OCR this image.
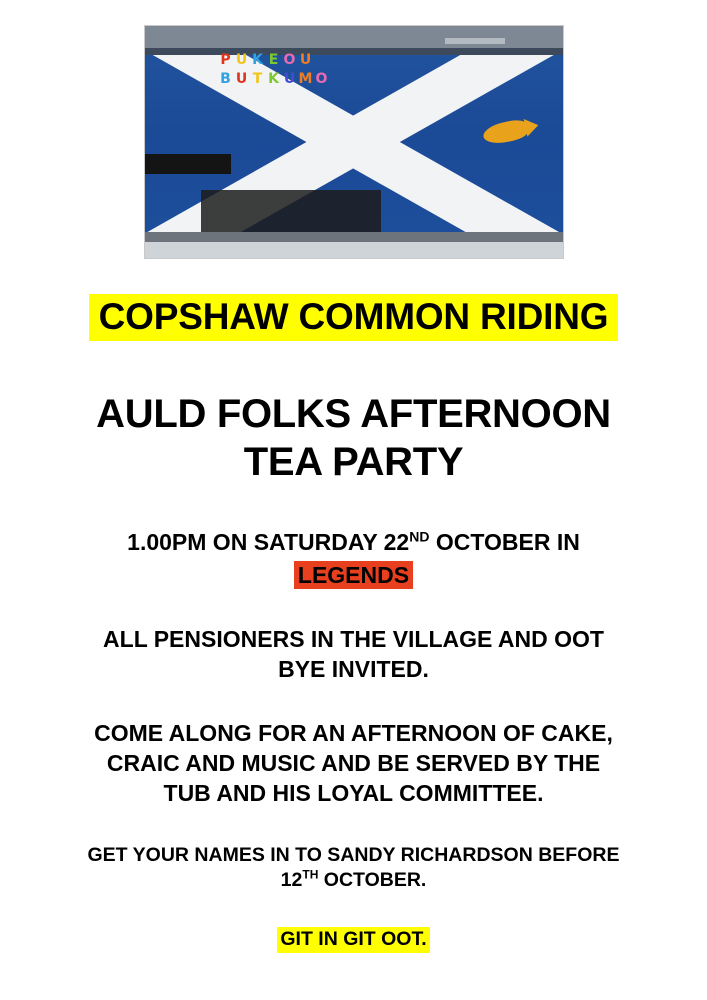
P U K E O U
B U T K U M O
COPSHAW COMMON RIDING
AULD FOLKS AFTERNOON
TEA PARTY
1.00PM ON SATURDAY 22ND OCTOBER IN
LEGENDS
ALL PENSIONERS IN THE VILLAGE AND OOT
BYE INVITED.
COME ALONG FOR AN AFTERNOON OF CAKE,
CRAIC AND MUSIC AND BE SERVED BY THE
TUB AND HIS LOYAL COMMITTEE.
GET YOUR NAMES IN TO SANDY RICHARDSON BEFORE
12TH OCTOBER.
GIT IN GIT OOT.
